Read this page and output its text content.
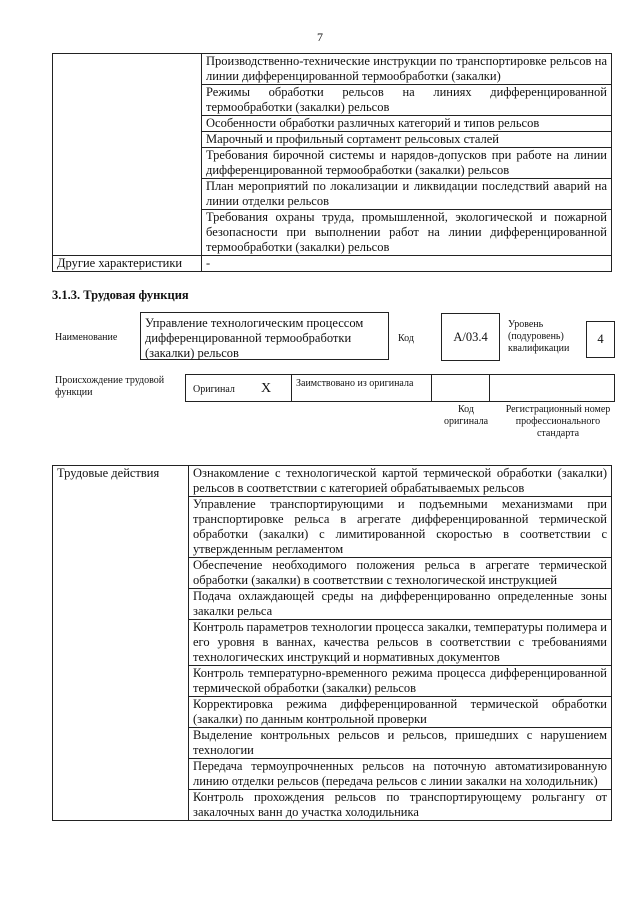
7
	Производственно-технические инструкции по транспортировке рельсов на линии дифференцированной термообработки (закалки)
	Режимы обработки рельсов на линиях дифференцированной термообработки (закалки) рельсов
	Особенности обработки различных категорий и типов рельсов
	Марочный и профильный сортамент рельсовых сталей
	Требования бирочной системы и нарядов-допусков при работе на линии дифференцированной термообработки (закалки) рельсов
	План мероприятий по локализации и ликвидации последствий аварий на линии отделки рельсов
	Требования охраны труда, промышленной, экологической и пожарной безопасности при выполнении работ на линии дифференцированной термообработки (закалки) рельсов
Другие характеристики	-
3.1.3. Трудовая функция
Наименование
Управление технологическим процессом дифференцированной термообработки (закалки) рельсов
Код	A/03.4
Уровень (подуровень) квалификации
4
Происхождение трудовой функции	Оригинал X Заимствовано из оригинала
Код оригинала
Регистрационный номер профессионального стандарта
Трудовые действия	Ознакомление с технологической картой термической обработки (закалки) рельсов в соответствии с категорией обрабатываемых рельсов
Управление транспортирующими и подъемными механизмами при транспортировке рельса в агрегате дифференцированной термической обработки (закалки) с лимитированной скоростью в соответствии с утвержденным регламентом
Обеспечение необходимого положения рельса в агрегате термической обработки (закалки) в соответствии с технологической инструкцией
Подача охлаждающей среды на дифференцированно определенные зоны закалки рельса
Контроль параметров технологии процесса закалки, температуры полимера и его уровня в ваннах, качества рельсов в соответствии с требованиями технологических инструкций и нормативных документов
Контроль температурно-временного режима процесса дифференцированной термической обработки (закалки) рельсов
Корректировка режима дифференцированной термической обработки (закалки) по данным контрольной проверки
Выделение контрольных рельсов и рельсов, пришедших с нарушением технологии
Передача термоупрочненных рельсов на поточную автоматизированную линию отделки рельсов (передача рельсов с линии закалки на холодильник)
Контроль прохождения рельсов по транспортирующему рольгангу от закалочных ванн до участка холодильника
